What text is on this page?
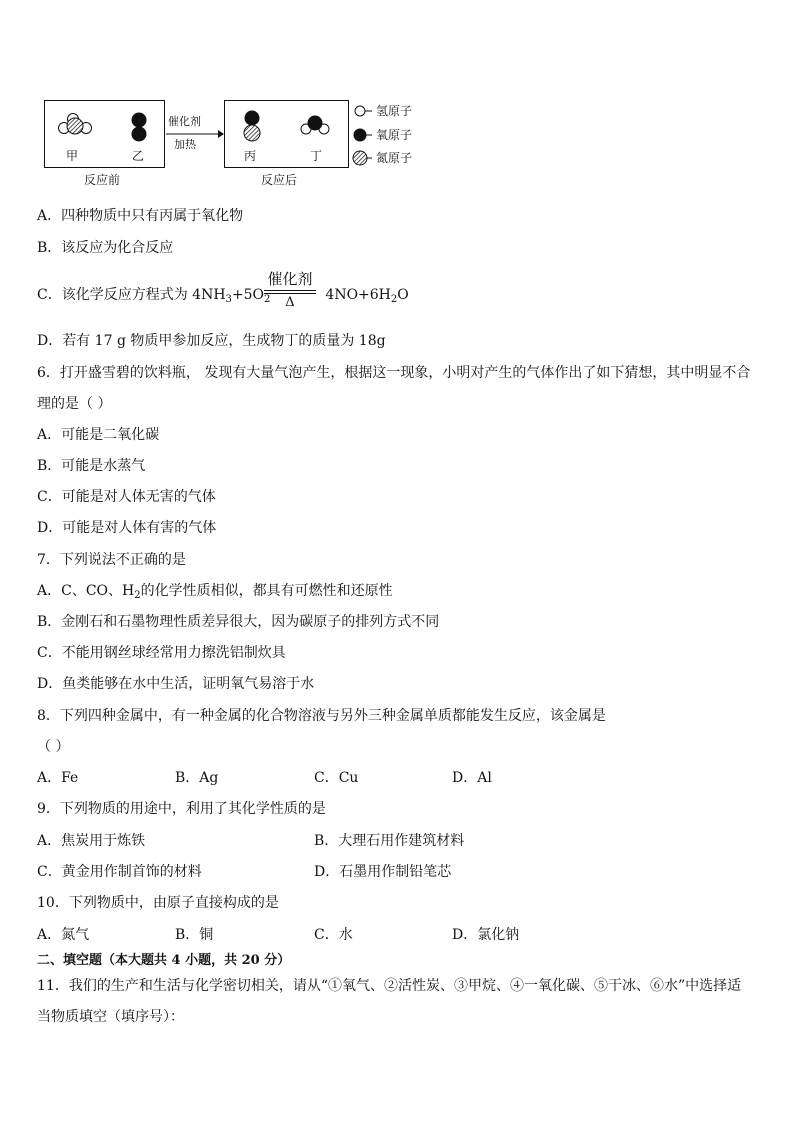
甲	乙
反应前
催化剂
加热
丙	丁
反应后
氢原子
氧原子
氮原子
A．四种物质中只有丙属于氧化物
B．该反应为化合反应
C．该化学反应方程式为 $4NH_3+5O_2$	$4NO+6H_2O$
催化剂
Δ
D．若有 17 g 物质甲参加反应，生成物丁的质量为 18g
6．打开盛雪碧的饮料瓶， 发现有大量气泡产生，根据这一现象，小明对产生的气体作出了如下猜想，其中明显不合
理的是（ ）
A．可能是二氧化碳
B．可能是水蒸气
C．可能是对人体无害的气体
D．可能是对人体有害的气体
7．下列说法不正确的是
A．C、CO、$H_2$的化学性质相似，都具有可燃性和还原性
B．金刚石和石墨物理性质差异很大，因为碳原子的排列方式不同
C．不能用钢丝球经常用力擦洗铝制炊具
D．鱼类能够在水中生活，证明氧气易溶于水
8．下列四种金属中，有一种金属的化合物溶液与另外三种金属单质都能发生反应，该金属是
（ ）
A．Fe	B．Ag	C．Cu	D．Al
9．下列物质的用途中，利用了其化学性质的是
A．焦炭用于炼铁	B．大理石用作建筑材料
C．黄金用作制首饰的材料	D．石墨用作制铅笔芯
10．下列物质中，由原子直接构成的是
A．氮气	B．铜	C．水	D．氯化钠
二、填空题（本大题共 4 小题，共 20 分）
11．我们的生产和生活与化学密切相关，请从“①氧气、②活性炭、③甲烷、④一氧化碳、⑤干冰、⑥水”中选择适
当物质填空（填序号）：
